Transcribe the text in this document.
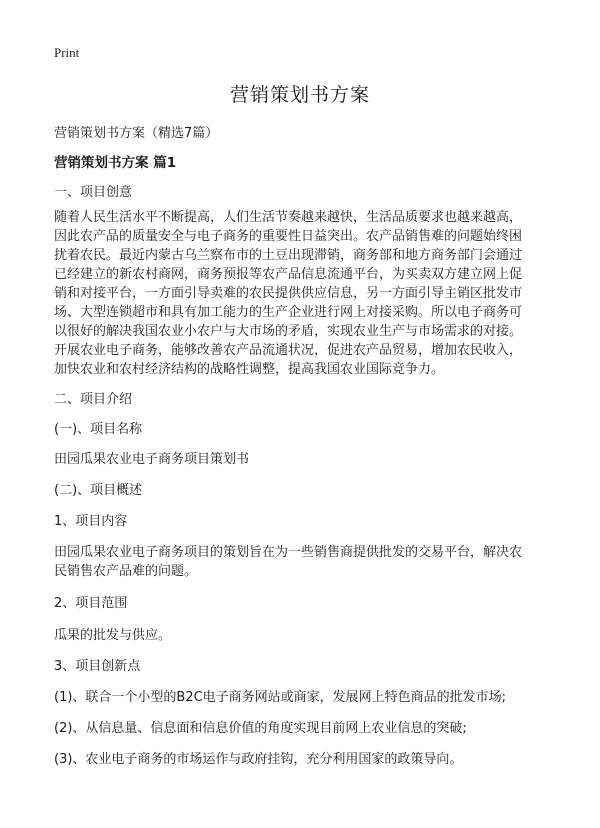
Print
营销策划书方案
营销策划书方案（精选7篇）
营销策划书方案 篇1
一、项目创意
随着人民生活水平不断提高，人们生活节奏越来越快，生活品质要求也越来越高，
因此农产品的质量安全与电子商务的重要性日益突出。农产品销售难的问题始终困
扰着农民。最近内蒙古乌兰察布市的土豆出现滞销，商务部和地方商务部门会通过
已经建立的新农村商网，商务预报等农产品信息流通平台，为买卖双方建立网上促
销和对接平台，一方面引导卖难的农民提供供应信息，另一方面引导主销区批发市
场、大型连锁超市和具有加工能力的生产企业进行网上对接采购。所以电子商务可
以很好的解决我国农业小农户与大市场的矛盾，实现农业生产与市场需求的对接。
开展农业电子商务，能够改善农产品流通状况，促进农产品贸易，增加农民收入，
加快农业和农村经济结构的战略性调整，提高我国农业国际竞争力。
二、项目介绍
(一)、项目名称
田园瓜果农业电子商务项目策划书
(二)、项目概述
1、项目内容
田园瓜果农业电子商务项目的策划旨在为一些销售商提供批发的交易平台，解决农
民销售农产品难的问题。
2、项目范围
瓜果的批发与供应。
3、项目创新点
(1)、联合一个小型的B2C电子商务网站或商家，发展网上特色商品的批发市场;
(2)、从信息量、信息面和信息价值的角度实现目前网上农业信息的突破;
(3)、农业电子商务的市场运作与政府挂钩，充分利用国家的政策导向。
